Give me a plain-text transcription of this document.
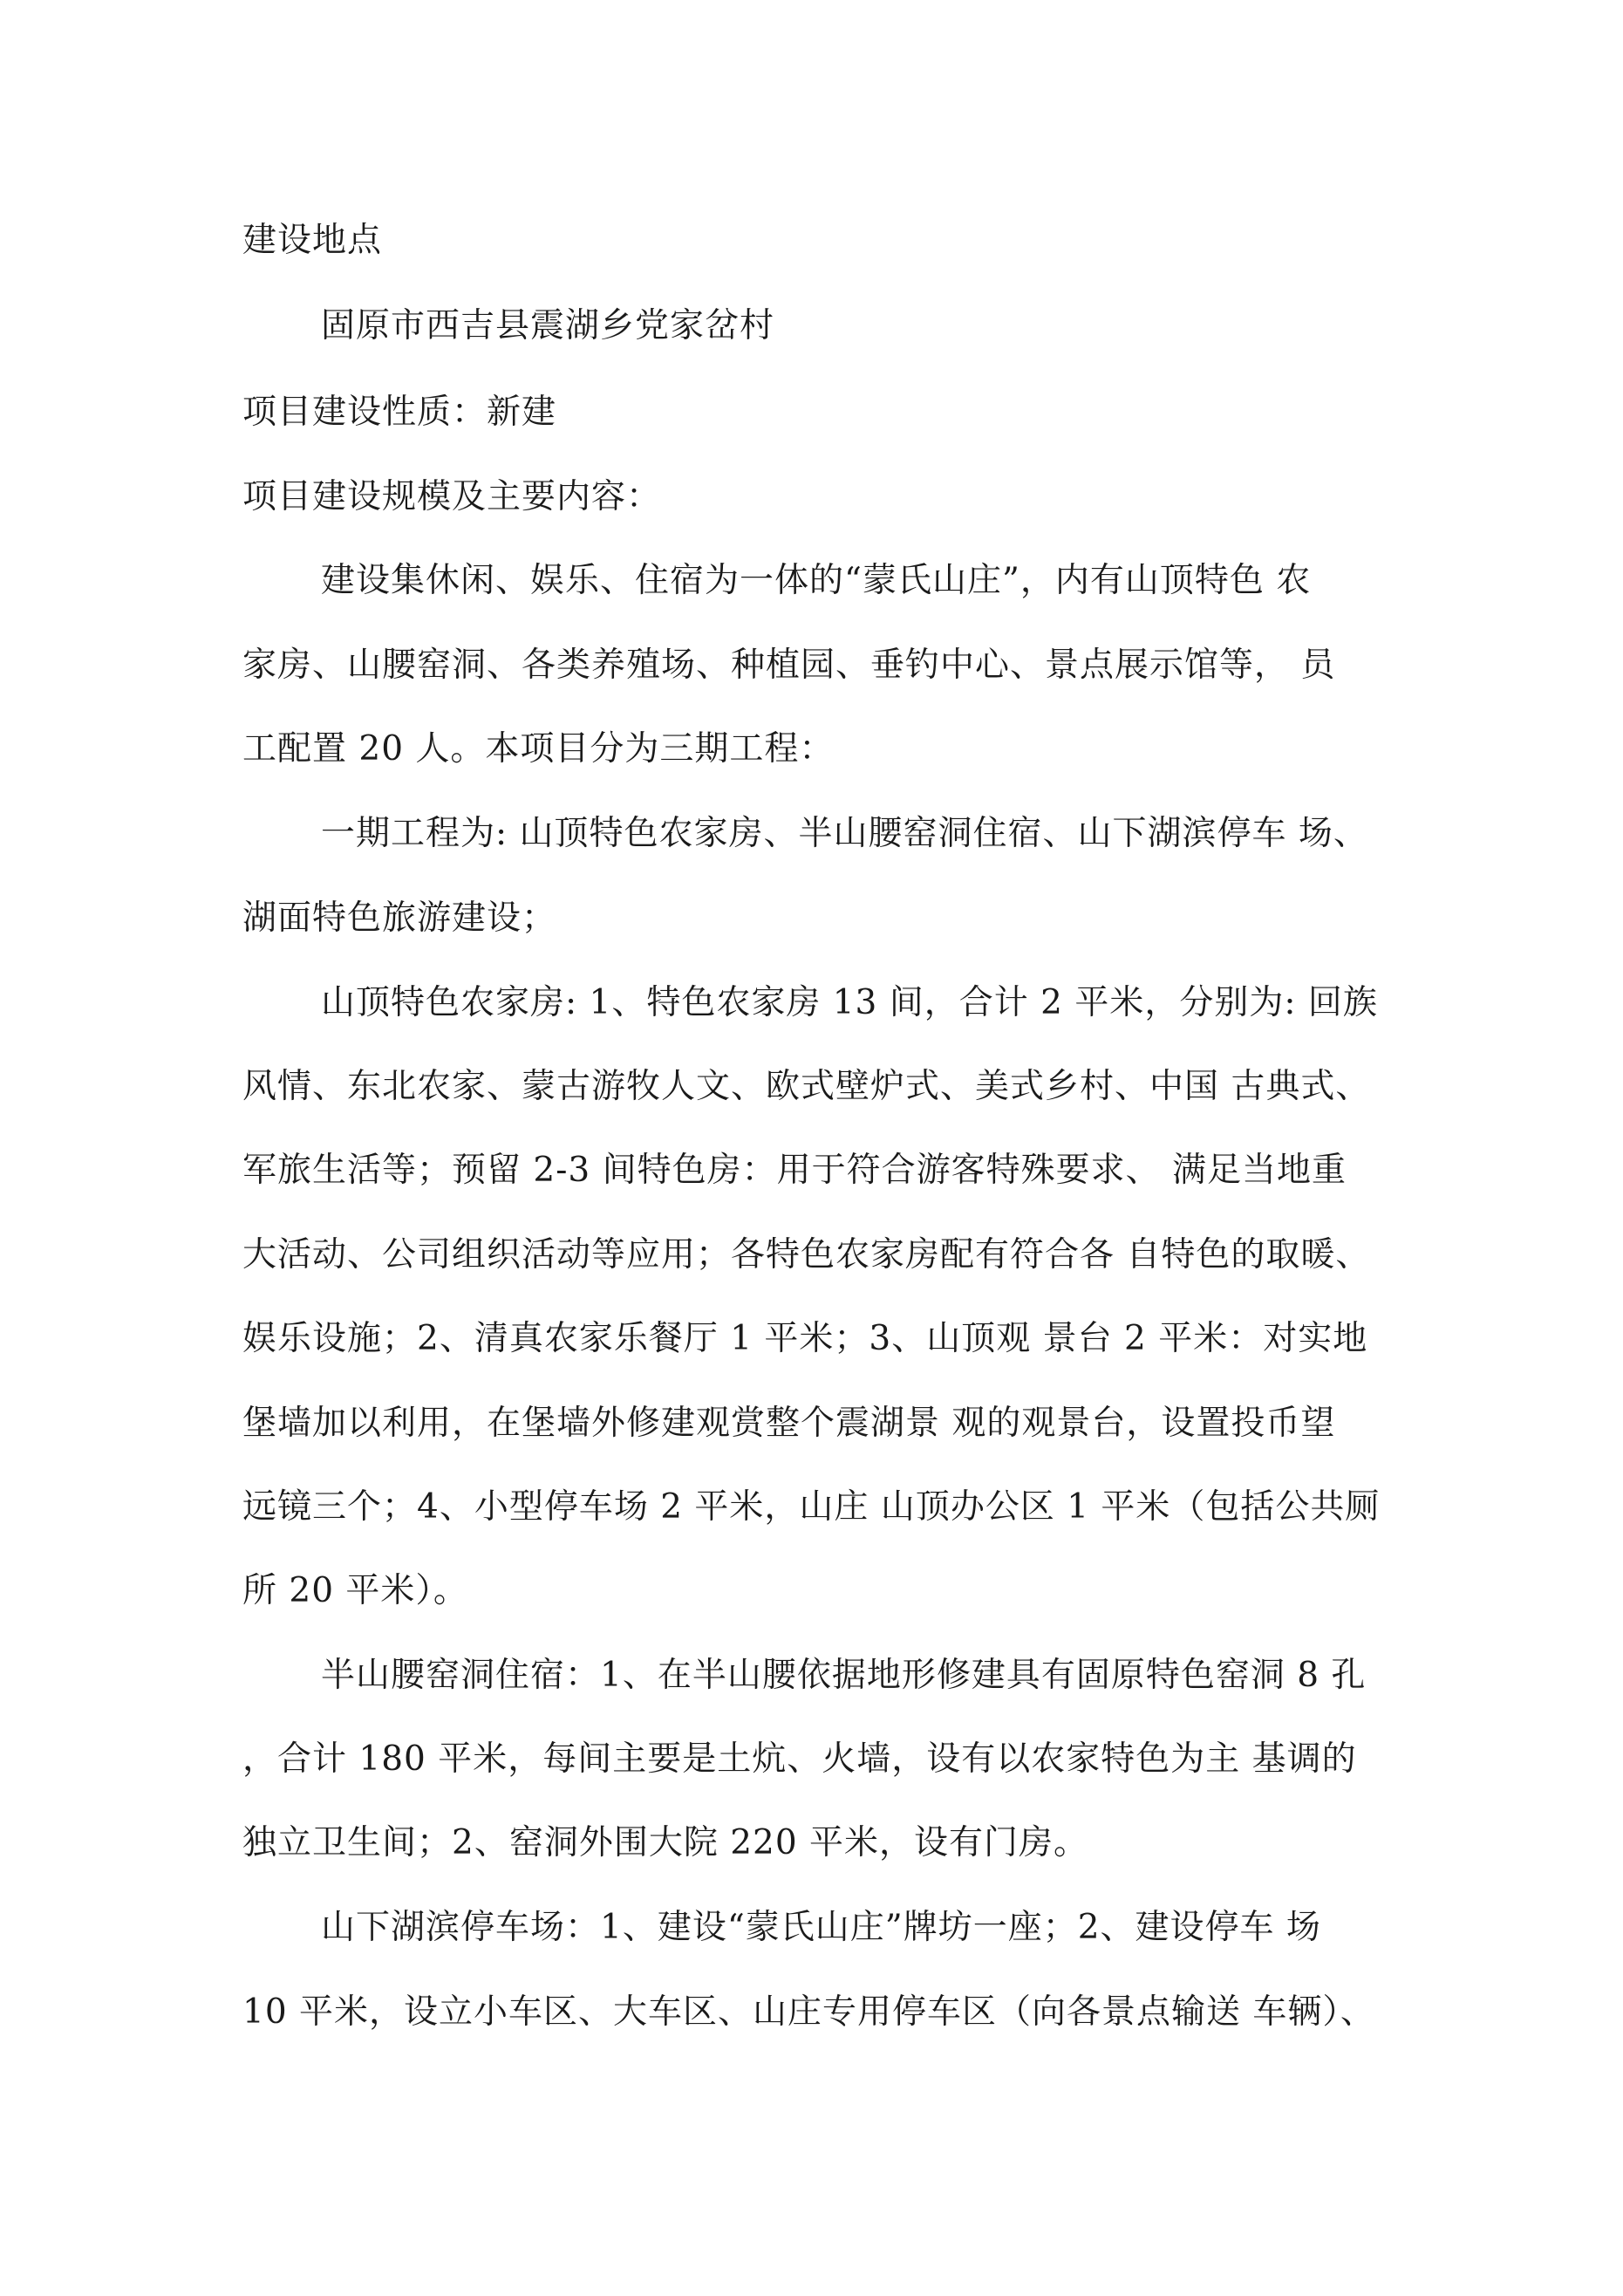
建设地点
固原市西吉县震湖乡党家岔村
项目建设性质：新建
项目建设规模及主要内容：
建设集休闲、娱乐、住宿为一体的“蒙氏山庄”，内有山顶特色 农
家房、山腰窑洞、各类养殖场、种植园、垂钓中心、景点展示馆等， 员
工配置 20 人。本项目分为三期工程：
一期工程为: 山顶特色农家房、半山腰窑洞住宿、山下湖滨停车 场、
湖面特色旅游建设；
山顶特色农家房: 1、特色农家房 13 间，合计 2 平米，分别为: 回族
风情、东北农家、蒙古游牧人文、欧式壁炉式、美式乡村、中国 古典式、
军旅生活等；预留 2-3 间特色房：用于符合游客特殊要求、 满足当地重
大活动、公司组织活动等应用；各特色农家房配有符合各 自特色的取暖、
娱乐设施；2、清真农家乐餐厅 1 平米；3、山顶观 景台 2 平米：对实地
堡墙加以利用，在堡墙外修建观赏整个震湖景 观的观景台，设置投币望
远镜三个；4、小型停车场 2 平米，山庄 山顶办公区 1 平米（包括公共厕
所 20 平米）。
半山腰窑洞住宿：1、在半山腰依据地形修建具有固原特色窑洞 8 孔
，合计 180 平米，每间主要是土炕、火墙，设有以农家特色为主 基调的
独立卫生间；2、窑洞外围大院 220 平米，设有门房。
山下湖滨停车场：1、建设“蒙氏山庄”牌坊一座；2、建设停车 场
10 平米，设立小车区、大车区、山庄专用停车区（向各景点输送 车辆）、
